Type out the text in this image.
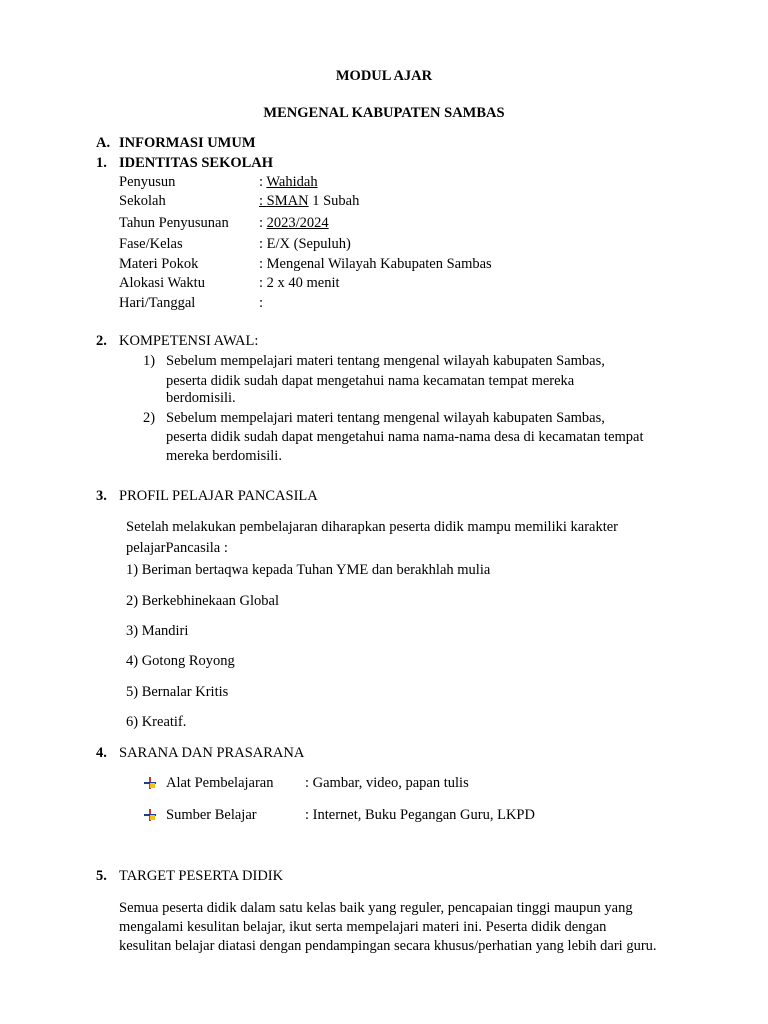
MODUL AJAR
MENGENAL KABUPATEN SAMBAS
A. INFORMASI UMUM
1. IDENTITAS SEKOLAH
Penyusun	: Wahidah
Sekolah	: SMAN 1 Subah
Tahun Penyusunan : 2023/2024
Fase/Kelas	: E/X (Sepuluh)
Materi Pokok	: Mengenal Wilayah Kabupaten Sambas
Alokasi Waktu	: 2 x 40 menit
Hari/Tanggal	:
2. KOMPETENSI AWAL:
1) Sebelum mempelajari materi tentang mengenal wilayah kabupaten Sambas,
peserta didik sudah dapat mengetahui nama kecamatan tempat mereka
berdomisili.
2) Sebelum mempelajari materi tentang mengenal wilayah kabupaten Sambas,
peserta didik sudah dapat mengetahui nama nama-nama desa di kecamatan tempat
mereka berdomisili.
3. PROFIL PELAJAR PANCASILA
Setelah melakukan pembelajaran diharapkan peserta didik mampu memiliki karakter
pelajarPancasila :
1) Beriman bertaqwa kepada Tuhan YME dan berakhlah mulia
2) Berkebhinekaan Global
3) Mandiri
4) Gotong Royong
5) Bernalar Kritis
6) Kreatif.
4. SARANA DAN PRASARANA
Alat Pembelajaran : Gambar, video, papan tulis
Sumber Belajar	: Internet, Buku Pegangan Guru, LKPD
5. TARGET PESERTA DIDIK
Semua peserta didik dalam satu kelas baik yang reguler, pencapaian tinggi maupun yang
mengalami kesulitan belajar, ikut serta mempelajari materi ini. Peserta didik dengan
kesulitan belajar diatasi dengan pendampingan secara khusus/perhatian yang lebih dari guru.
